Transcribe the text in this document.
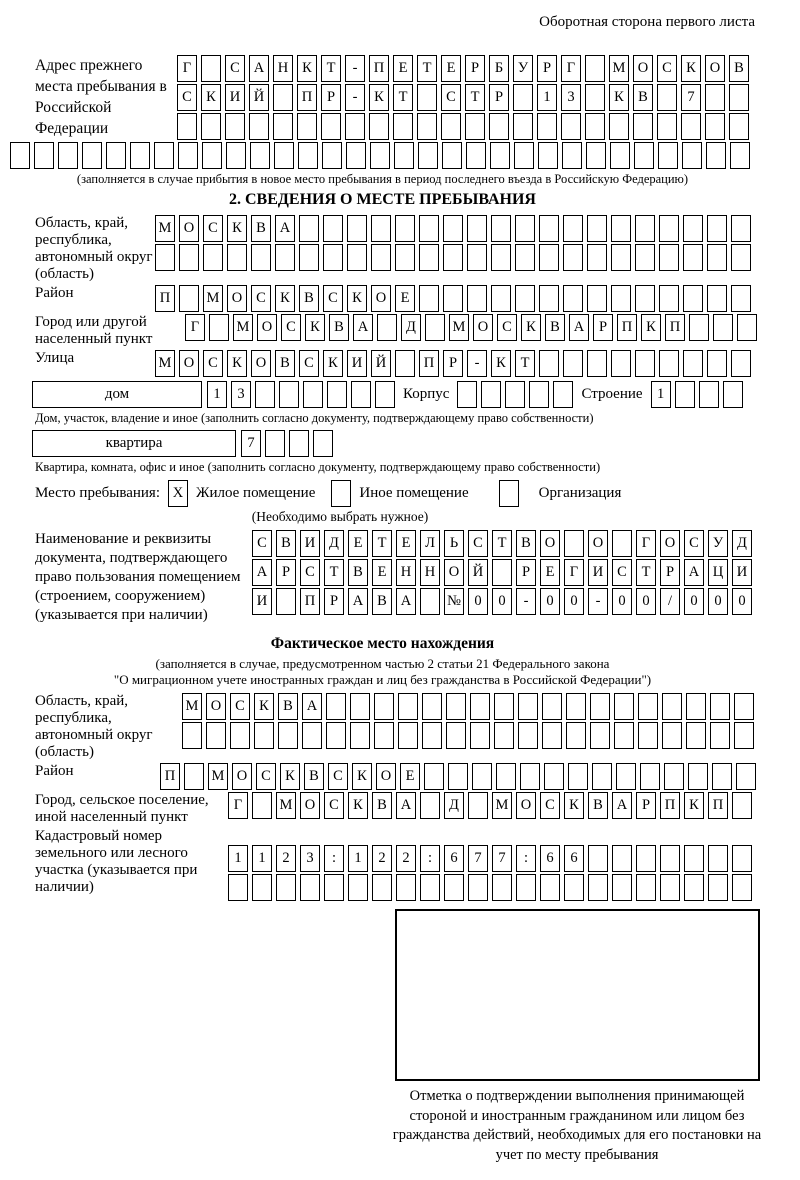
Оборотная сторона первого листа
Адрес прежнего места пребывания в Российской Федерации
Г	С А Н К	Т	-	П Е	Т	Е	Р	Б	У	Р	Г	М О С К О В
С К И Й	П	Р	-	К	Т	С	Т	Р	1	3	К В	7
(заполняется в случае прибытия в новое место пребывания в период последнего въезда в Российскую Федерацию)
2. СВЕДЕНИЯ О МЕСТЕ ПРЕБЫВАНИЯ
Область, край, республика, автономный округ (область)
М О С К В А
Район	П	М О С К В С К О Е
Город или другой населенный пункт
Г	М О С К В А	Д	М О С К В А	Р	П К П
Улица	М О С К О В С К И Й	П	Р	-	К	Т
дом	1	3	Корпус	Строение 1
Дом, участок, владение и иное (заполнить согласно документу, подтверждающему право собственности)
квартира	7
Квартира, комната, офис и иное (заполнить согласно документу, подтверждающему право собственности)
Место пребывания: X Жилое помещение	Иное помещение	Организация
(Необходимо выбрать нужное)
Наименование и реквизиты документа, подтверждающего право пользования помещением (строением, сооружением) (указывается при наличии)
С В И Д	Е	Т	Е	Л	Ь	С	Т	В О	О	Г	О С У Д
А	Р	С	Т	В	Е Н Н О Й	Р	Е	Г	И С	Т	Р	А Ц И
И	П	Р	А В А	№ 0	0	-	0	0	-	0	0	/	0	0	0
Фактическое место нахождения
(заполняется в случае, предусмотренном частью 2 статьи 21 Федерального закона
"О миграционном учете иностранных граждан и лиц без гражданства в Российской Федерации")
Область, край, республика, автономный округ (область)
М О С К В А
Район	П	М О С К В С К О Е
Город, сельское поселение, иной населенный пункт
Г	М О С К В А	Д	М О С К В А	Р	П К П
Кадастровый номер земельного или лесного участка (указывается при наличии)
1	1	2	3	:	1	2	2	:	6	7	7	:	6	6
Отметка о подтверждении выполнения принимающей стороной и иностранным гражданином или лицом без гражданства действий, необходимых для его постановки на учет по месту пребывания
